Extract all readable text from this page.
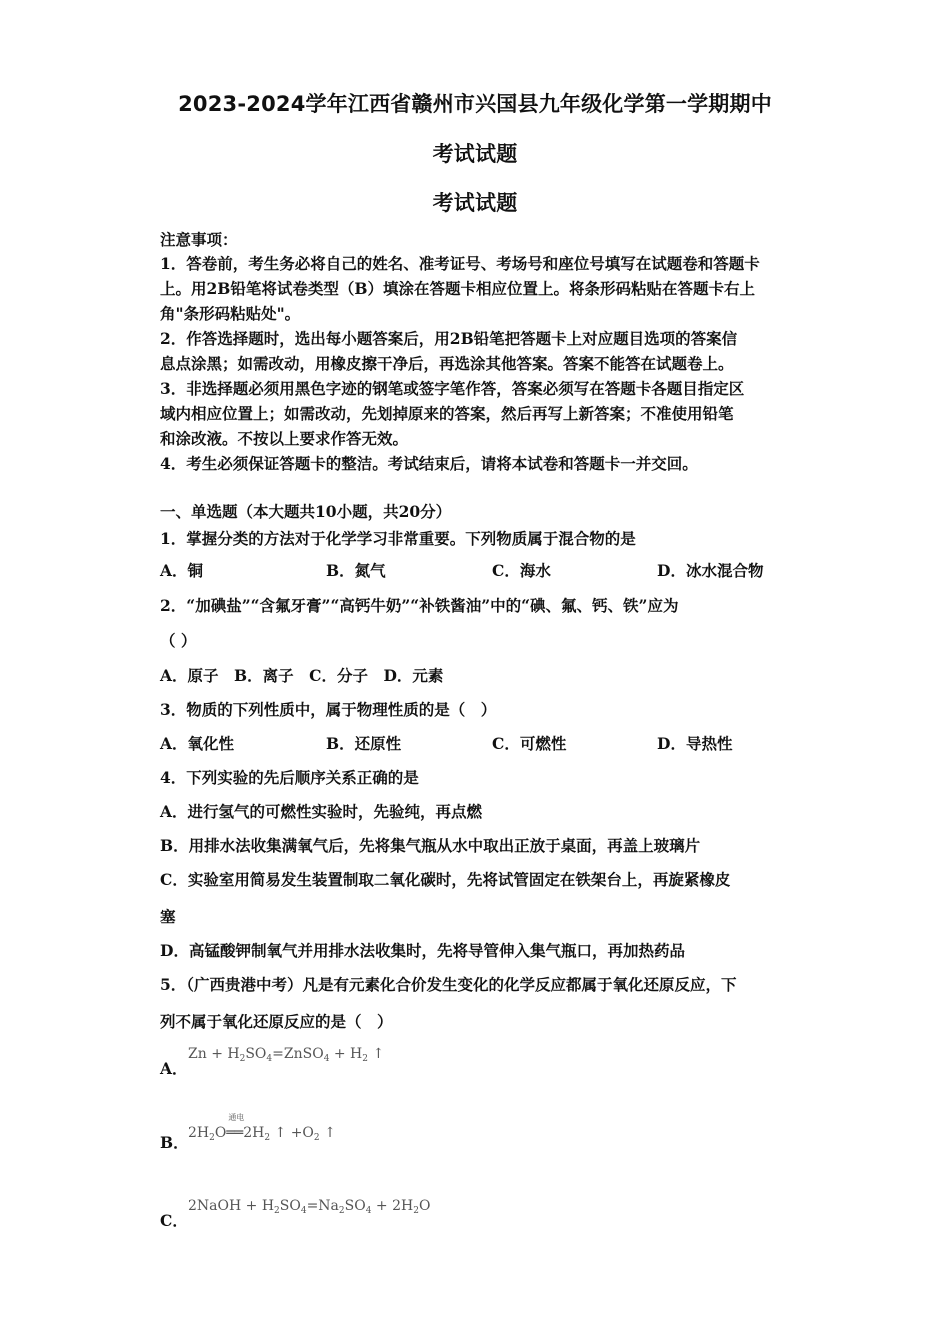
2023-2024学年江西省赣州市兴国县九年级化学第一学期期中
考试试题
考试试题
注意事项：
1．答卷前，考生务必将自己的姓名、准考证号、考场号和座位号填写在试题卷和答题卡
上。用2B铅笔将试卷类型（B）填涂在答题卡相应位置上。将条形码粘贴在答题卡右上
角"条形码粘贴处"。
2．作答选择题时，选出每小题答案后，用2B铅笔把答题卡上对应题目选项的答案信
息点涂黑；如需改动，用橡皮擦干净后，再选涂其他答案。答案不能答在试题卷上。
3．非选择题必须用黑色字迹的钢笔或签字笔作答，答案必须写在答题卡各题目指定区
域内相应位置上；如需改动，先划掉原来的答案，然后再写上新答案；不准使用铅笔
和涂改液。不按以上要求作答无效。
4．考生必须保证答题卡的整洁。考试结束后，请将本试卷和答题卡一并交回。
一、单选题（本大题共10小题，共20分）
1．掌握分类的方法对于化学学习非常重要。下列物质属于混合物的是
A．铜	B．氮气	C．海水	D．冰水混合物
2．“加碘盐”“含氟牙膏”“高钙牛奶”“补铁酱油”中的“碘、氟、钙、铁”应为
（ ）
A．原子　B．离子　C．分子　D．元素
3．物质的下列性质中，属于物理性质的是（　）
A．氧化性	B．还原性	C．可燃性	D．导热性
4．下列实验的先后顺序关系正确的是
A．进行氢气的可燃性实验时，先验纯，再点燃
B．用排水法收集满氧气后，先将集气瓶从水中取出正放于桌面，再盖上玻璃片
C．实验室用简易发生装置制取二氧化碳时，先将试管固定在铁架台上，再旋紧橡皮
塞
D．高锰酸钾制氧气并用排水法收集时，先将导管伸入集气瓶口，再加热药品
5．（广西贵港中考）凡是有元素化合价发生变化的化学反应都属于氧化还原反应，下
列不属于氧化还原反应的是（　）
A．
$Zn + H_2SO_4=ZnSO_4 + H_2$ ↑
B． $2H_2O$
通电
$══2H_2$ ↑ $+O_2$ ↑
C．
2NaOH + $H_2SO_4=Na_2SO_4 + 2H_2O$
